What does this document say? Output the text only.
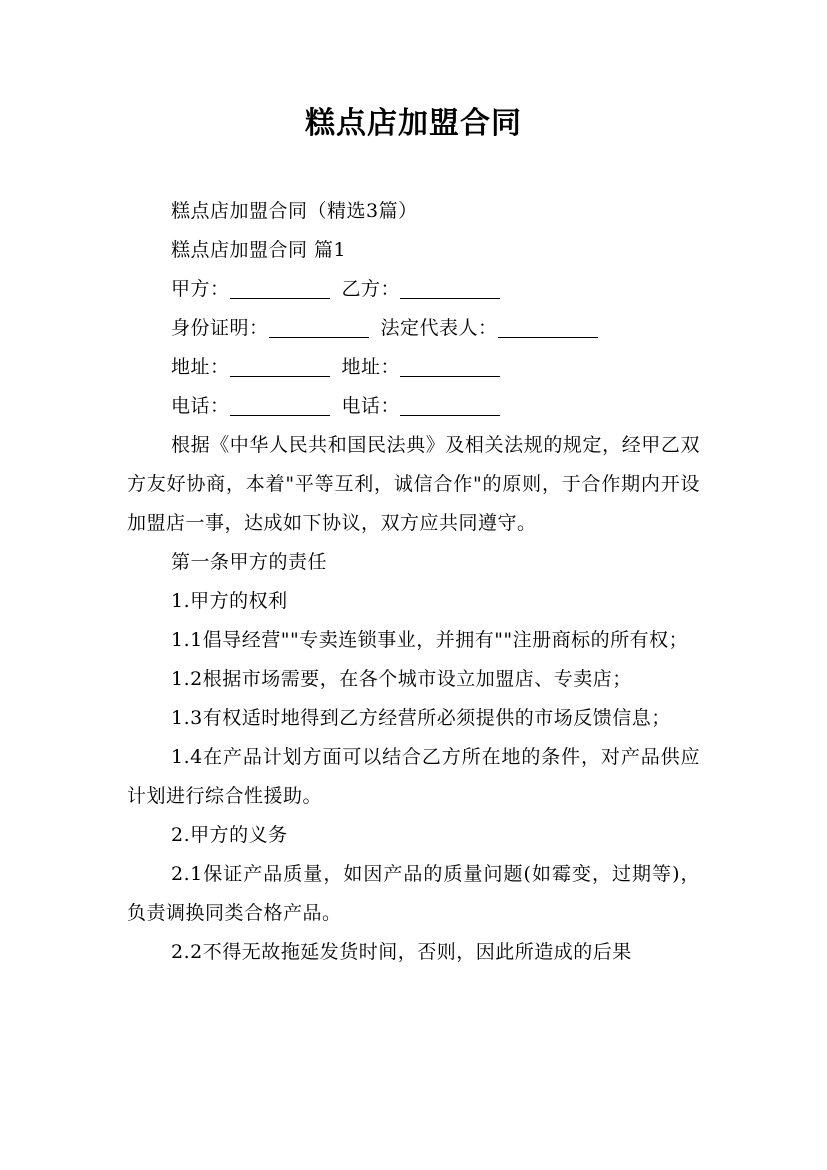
糕点店加盟合同

糕点店加盟合同（精选3篇）

糕点店加盟合同 篇1

甲方：	乙方：

身份证明：	法定代表人：

地址：	地址：

电话：	电话：

根据《中华人民共和国民法典》及相关法规的规定，经甲乙双方友好协商，本着"平等互利，诚信合作"的原则，于合作期内开设加盟店一事，达成如下协议，双方应共同遵守。

第一条甲方的责任

1.甲方的权利

1.1倡导经营""专卖连锁事业，并拥有""注册商标的所有权；

1.2根据市场需要，在各个城市设立加盟店、专卖店；

1.3有权适时地得到乙方经营所必须提供的市场反馈信息；

1.4在产品计划方面可以结合乙方所在地的条件，对产品供应计划进行综合性援助。

2.甲方的义务

2.1保证产品质量，如因产品的质量问题(如霉变，过期等)，负责调换同类合格产品。

2.2不得无故拖延发货时间，否则，因此所造成的后果
